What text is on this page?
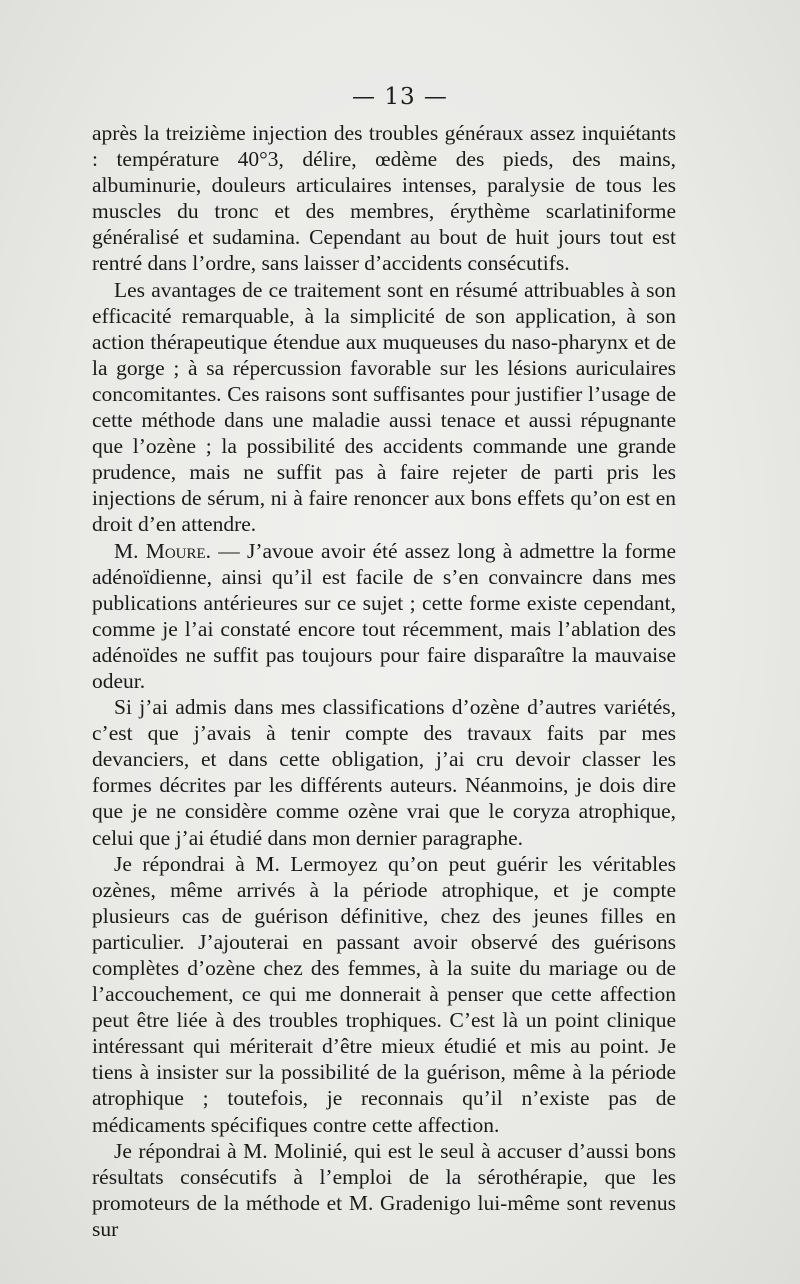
— 13 —

après la treizième injection des troubles généraux assez inquiétants : température 40°3, délire, œdème des pieds, des mains, albuminurie, douleurs articulaires intenses, paralysie de tous les muscles du tronc et des membres, érythème scarlatiniforme généralisé et sudamina. Cependant au bout de huit jours tout est rentré dans l’ordre, sans laisser d’accidents consécutifs.

Les avantages de ce traitement sont en résumé attribuables à son efficacité remarquable, à la simplicité de son application, à son action thérapeutique étendue aux muqueuses du naso-pharynx et de la gorge ; à sa répercussion favorable sur les lésions auriculaires concomitantes. Ces raisons sont suffisantes pour justifier l’usage de cette méthode dans une maladie aussi tenace et aussi répugnante que l’ozène ; la possibilité des accidents commande une grande prudence, mais ne suffit pas à faire rejeter de parti pris les injections de sérum, ni à faire renoncer aux bons effets qu’on est en droit d’en attendre.

M. Moure. — J’avoue avoir été assez long à admettre la forme adénoïdienne, ainsi qu’il est facile de s’en convaincre dans mes publications antérieures sur ce sujet ; cette forme existe cependant, comme je l’ai constaté encore tout récemment, mais l’ablation des adénoïdes ne suffit pas toujours pour faire disparaître la mauvaise odeur.

Si j’ai admis dans mes classifications d’ozène d’autres variétés, c’est que j’avais à tenir compte des travaux faits par mes devanciers, et dans cette obligation, j’ai cru devoir classer les formes décrites par les différents auteurs. Néanmoins, je dois dire que je ne considère comme ozène vrai que le coryza atrophique, celui que j’ai étudié dans mon dernier paragraphe.

Je répondrai à M. Lermoyez qu’on peut guérir les véritables ozènes, même arrivés à la période atrophique, et je compte plusieurs cas de guérison définitive, chez des jeunes filles en particulier. J’ajouterai en passant avoir observé des guérisons complètes d’ozène chez des femmes, à la suite du mariage ou de l’accouchement, ce qui me donnerait à penser que cette affection peut être liée à des troubles trophiques. C’est là un point clinique intéressant qui mériterait d’être mieux étudié et mis au point. Je tiens à insister sur la possibilité de la guérison, même à la période atrophique ; toutefois, je reconnais qu’il n’existe pas de médicaments spécifiques contre cette affection.

Je répondrai à M. Molinié, qui est le seul à accuser d’aussi bons résultats consécutifs à l’emploi de la sérothérapie, que les promoteurs de la méthode et M. Gradenigo lui-même sont revenus sur
